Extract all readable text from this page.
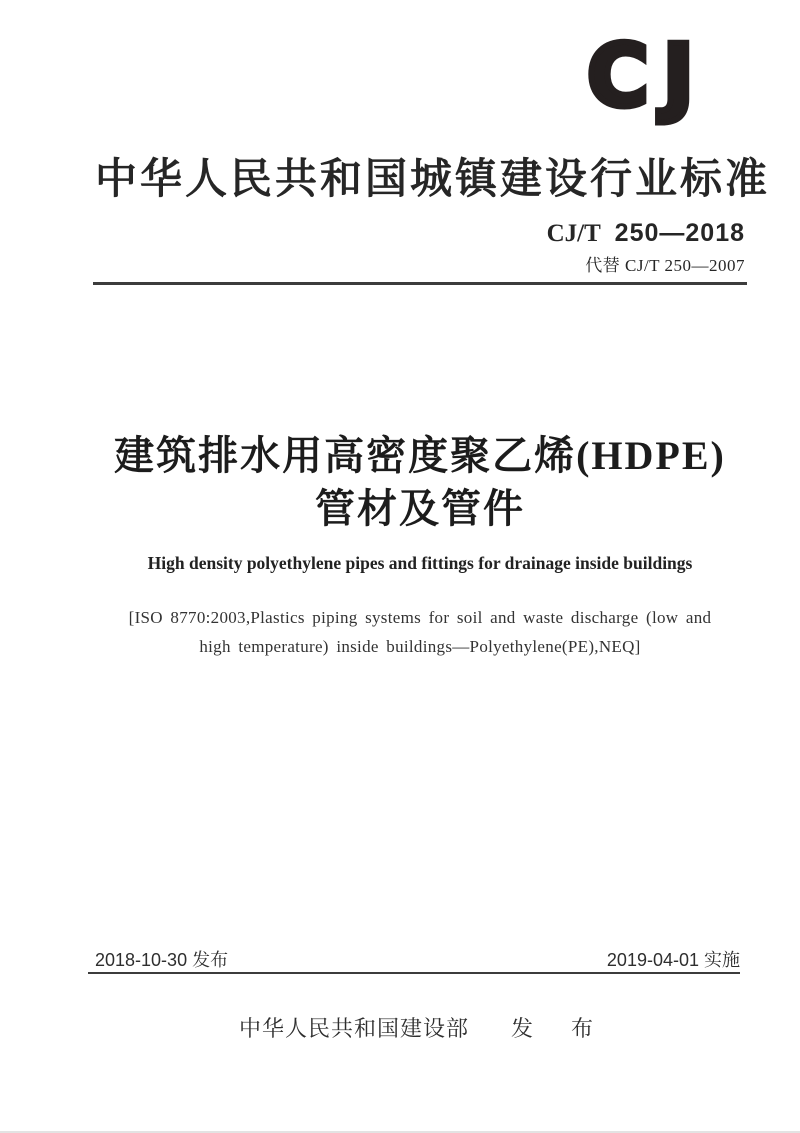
CJ
中华人民共和国城镇建设行业标准
CJ/T 250—2018
代替 CJ/T 250—2007
建筑排水用高密度聚乙烯(HDPE)
管材及管件
High density polyethylene pipes and fittings for drainage inside buildings
[ISO 8770:2003,Plastics piping systems for soil and waste discharge (low and
high temperature) inside buildings—Polyethylene(PE),NEQ]
2018-10-30 发布	2019-04-01 实施
中华人民共和国建设部 发　布
